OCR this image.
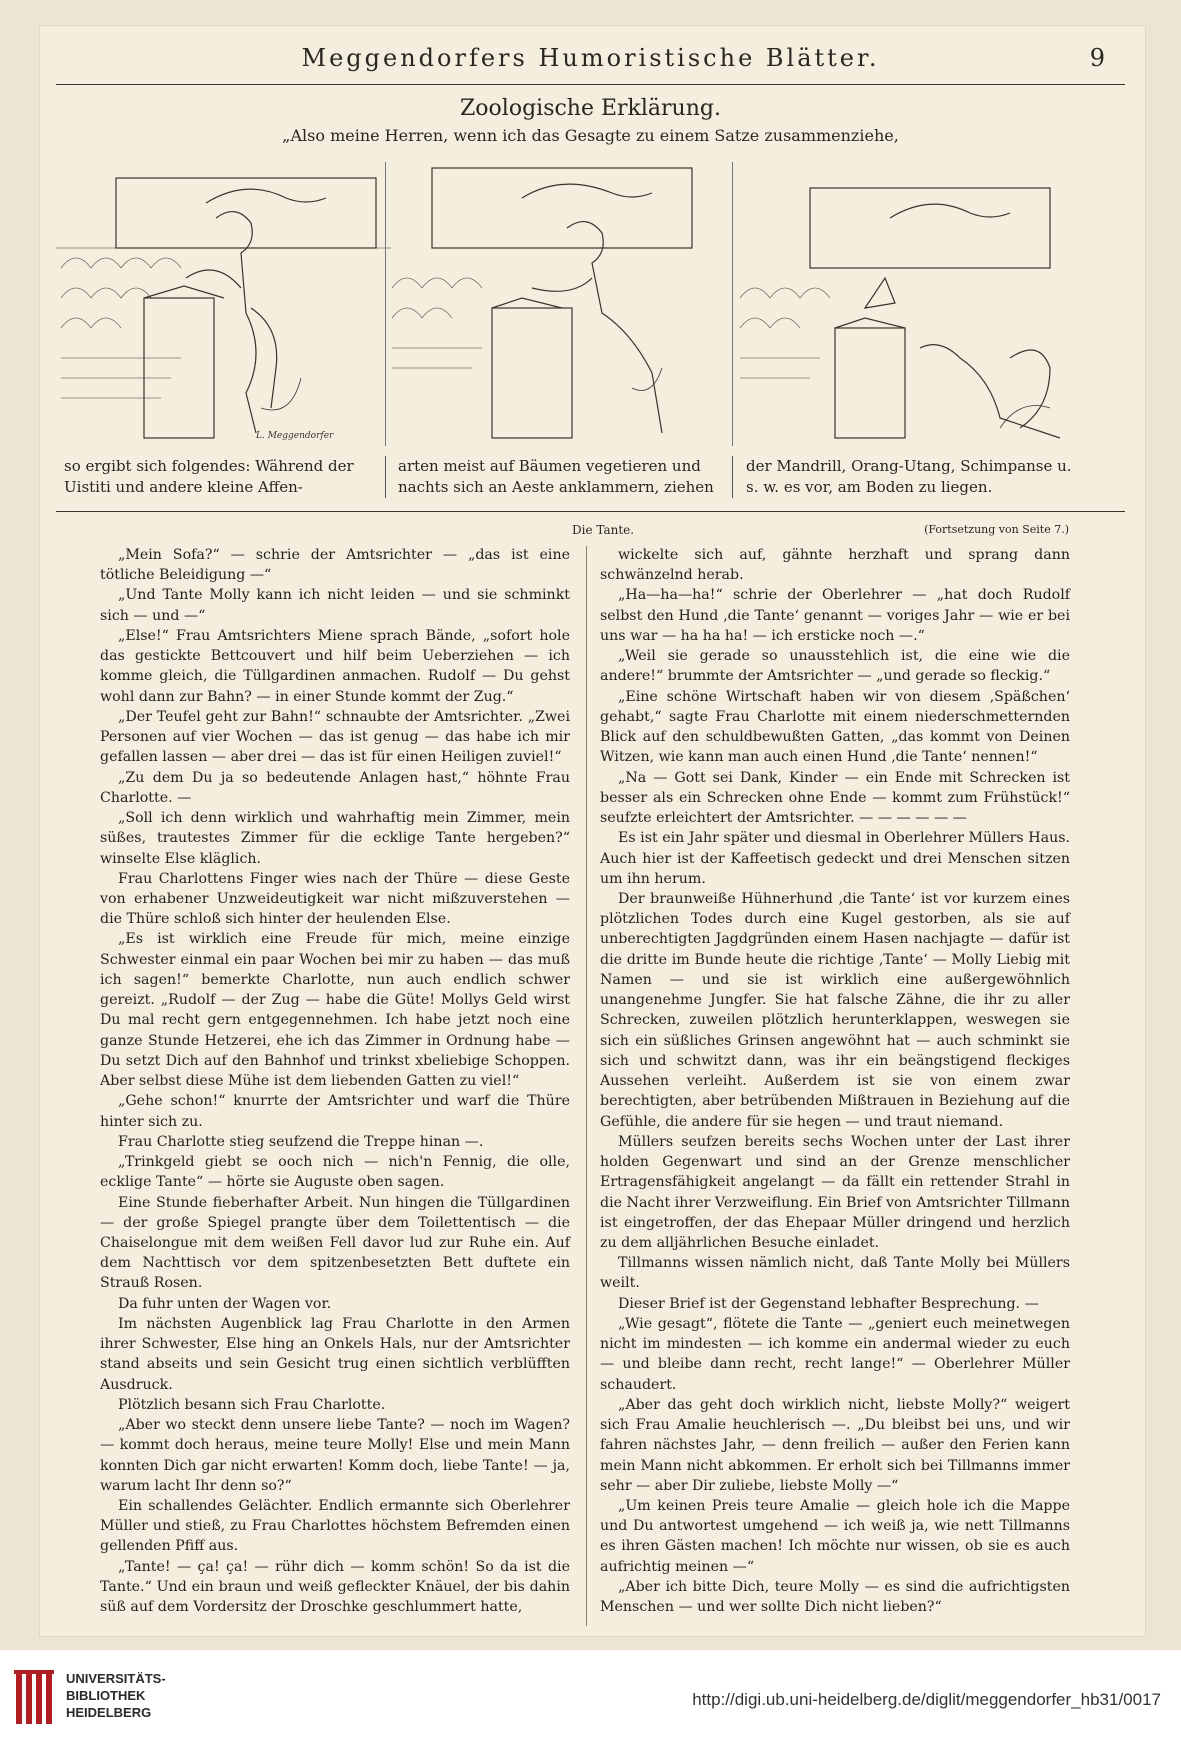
Meggendorfers Humoristische Blätter.	9
Zoologische Erklärung.
„Also meine Herren, wenn ich das Gesagte zu einem Satze zusammenziehe,
L. Meggendorfer
so ergibt sich folgendes: Während der Uistiti und andere kleine Affen-
arten meist auf Bäumen vegetieren und nachts sich an Aeste anklammern, ziehen
der Mandrill, Orang-Utang, Schimpanse u. s. w. es vor, am Boden zu liegen.
Die Tante.	(Fortsetzung von Seite 7.)

„Mein Sofa?“ — schrie der Amtsrichter — „das ist eine tötliche Beleidigung —“

„Und Tante Molly kann ich nicht leiden — und sie schminkt sich — und —“

„Else!“ Frau Amtsrichters Miene sprach Bände, „sofort hole das gestickte Bettcouvert und hilf beim Ueberziehen — ich komme gleich, die Tüllgardinen anmachen. Rudolf — Du gehst wohl dann zur Bahn? — in einer Stunde kommt der Zug.“

„Der Teufel geht zur Bahn!“ schnaubte der Amtsrichter. „Zwei Personen auf vier Wochen — das ist genug — das habe ich mir gefallen lassen — aber drei — das ist für einen Heiligen zuviel!“

„Zu dem Du ja so bedeutende Anlagen hast,“ höhnte Frau Charlotte. —

„Soll ich denn wirklich und wahrhaftig mein Zimmer, mein süßes, trautestes Zimmer für die ecklige Tante hergeben?“ winselte Else kläglich.

Frau Charlottens Finger wies nach der Thüre — diese Geste von erhabener Unzweideutigkeit war nicht mißzuverstehen — die Thüre schloß sich hinter der heulenden Else.

„Es ist wirklich eine Freude für mich, meine einzige Schwester einmal ein paar Wochen bei mir zu haben — das muß ich sagen!“ bemerkte Charlotte, nun auch endlich schwer gereizt. „Rudolf — der Zug — habe die Güte! Mollys Geld wirst Du mal recht gern entgegennehmen. Ich habe jetzt noch eine ganze Stunde Hetzerei, ehe ich das Zimmer in Ordnung habe — Du setzt Dich auf den Bahnhof und trinkst xbeliebige Schoppen. Aber selbst diese Mühe ist dem liebenden Gatten zu viel!“

„Gehe schon!“ knurrte der Amtsrichter und warf die Thüre hinter sich zu.

Frau Charlotte stieg seufzend die Treppe hinan —.

„Trinkgeld giebt se ooch nich — nich'n Fennig, die olle, ecklige Tante“ — hörte sie Auguste oben sagen.

Eine Stunde fieberhafter Arbeit. Nun hingen die Tüllgardinen — der große Spiegel prangte über dem Toilettentisch — die Chaiselongue mit dem weißen Fell davor lud zur Ruhe ein. Auf dem Nachttisch vor dem spitzenbesetzten Bett duftete ein Strauß Rosen.

Da fuhr unten der Wagen vor.

Im nächsten Augenblick lag Frau Charlotte in den Armen ihrer Schwester, Else hing an Onkels Hals, nur der Amtsrichter stand abseits und sein Gesicht trug einen sichtlich verblüfften Ausdruck.

Plötzlich besann sich Frau Charlotte.

„Aber wo steckt denn unsere liebe Tante? — noch im Wagen? — kommt doch heraus, meine teure Molly! Else und mein Mann konnten Dich gar nicht erwarten! Komm doch, liebe Tante! — ja, warum lacht Ihr denn so?“

Ein schallendes Gelächter. Endlich ermannte sich Oberlehrer Müller und stieß, zu Frau Charlottes höchstem Befremden einen gellenden Pfiff aus.

„Tante! — ça! ça! — rühr dich — komm schön! So da ist die Tante.“ Und ein braun und weiß gefleckter Knäuel, der bis dahin süß auf dem Vordersitz der Droschke geschlummert hatte,

wickelte sich auf, gähnte herzhaft und sprang dann schwänzelnd herab.

„Ha—ha—ha!“ schrie der Oberlehrer — „hat doch Rudolf selbst den Hund ‚die Tante‘ genannt — voriges Jahr — wie er bei uns war — ha ha ha! — ich ersticke noch —.“

„Weil sie gerade so unausstehlich ist, die eine wie die andere!“ brummte der Amtsrichter — „und gerade so fleckig.“

„Eine schöne Wirtschaft haben wir von diesem ‚Späßchen‘ gehabt,“ sagte Frau Charlotte mit einem niederschmetternden Blick auf den schuldbewußten Gatten, „das kommt von Deinen Witzen, wie kann man auch einen Hund ‚die Tante‘ nennen!“

„Na — Gott sei Dank, Kinder — ein Ende mit Schrecken ist besser als ein Schrecken ohne Ende — kommt zum Frühstück!“ seufzte erleichtert der Amtsrichter. — — — — — —

Es ist ein Jahr später und diesmal in Oberlehrer Müllers Haus. Auch hier ist der Kaffeetisch gedeckt und drei Menschen sitzen um ihn herum.

Der braunweiße Hühnerhund ‚die Tante‘ ist vor kurzem eines plötzlichen Todes durch eine Kugel gestorben, als sie auf unberechtigten Jagdgründen einem Hasen nachjagte — dafür ist die dritte im Bunde heute die richtige ‚Tante‘ — Molly Liebig mit Namen — und sie ist wirklich eine außergewöhnlich unangenehme Jungfer. Sie hat falsche Zähne, die ihr zu aller Schrecken, zuweilen plötzlich herunterklappen, weswegen sie sich ein süßliches Grinsen angewöhnt hat — auch schminkt sie sich und schwitzt dann, was ihr ein beängstigend fleckiges Aussehen verleiht. Außerdem ist sie von einem zwar berechtigten, aber betrübenden Mißtrauen in Beziehung auf die Gefühle, die andere für sie hegen — und traut niemand.

Müllers seufzen bereits sechs Wochen unter der Last ihrer holden Gegenwart und sind an der Grenze menschlicher Ertragensfähigkeit angelangt — da fällt ein rettender Strahl in die Nacht ihrer Verzweiflung. Ein Brief von Amtsrichter Tillmann ist eingetroffen, der das Ehepaar Müller dringend und herzlich zu dem alljährlichen Besuche einladet.

Tillmanns wissen nämlich nicht, daß Tante Molly bei Müllers weilt.

Dieser Brief ist der Gegenstand lebhafter Besprechung. —

„Wie gesagt“, flötete die Tante — „geniert euch meinetwegen nicht im mindesten — ich komme ein andermal wieder zu euch — und bleibe dann recht, recht lange!“ — Oberlehrer Müller schaudert.

„Aber das geht doch wirklich nicht, liebste Molly?“ weigert sich Frau Amalie heuchlerisch —. „Du bleibst bei uns, und wir fahren nächstes Jahr, — denn freilich — außer den Ferien kann mein Mann nicht abkommen. Er erholt sich bei Tillmanns immer sehr — aber Dir zuliebe, liebste Molly —“

„Um keinen Preis teure Amalie — gleich hole ich die Mappe und Du antwortest umgehend — ich weiß ja, wie nett Tillmanns es ihren Gästen machen! Ich möchte nur wissen, ob sie es auch aufrichtig meinen —“

„Aber ich bitte Dich, teure Molly — es sind die aufrichtigsten Menschen — und wer sollte Dich nicht lieben?“

UNIVERSITÄTS-
BIBLIOTHEK
HEIDELBERG
http://digi.ub.uni-heidelberg.de/diglit/meggendorfer_hb31/0017
